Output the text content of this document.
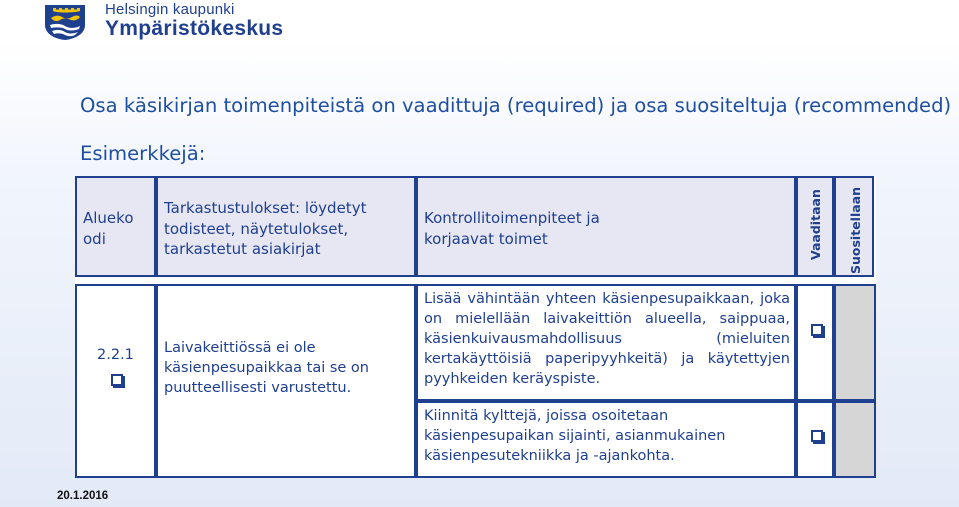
Helsingin kaupunki
Ympäristökeskus
Osa käsikirjan toimenpiteistä on vaadittuja (required) ja osa suositeltuja (recommended)
Esimerkkejä:
Alueko odi
Tarkastustulokset: löydetyt todisteet, näytetulokset, tarkastetut asiakirjat
Kontrollitoimenpiteet ja korjaavat toimet	Vaaditaan Suositellaan
2.2.1 Laivakeittiössä ei ole käsienpesupaikkaa tai se on puutteellisesti varustettu.
Lisää vähintään yhteen käsienpesupaikkaan, joka on mielellään laivakeittiön alueella, saippuaa, käsienkuivausmahdollisuus (mieluiten kertakäyttöisiä paperipyyhkeitä) ja käytettyjen pyyhkeiden keräyspiste.
Kiinnitä kylttejä, joissa osoitetaan käsienpesupaikan sijainti, asianmukainen käsienpesutekniikka ja -ajankohta.
20.1.2016
